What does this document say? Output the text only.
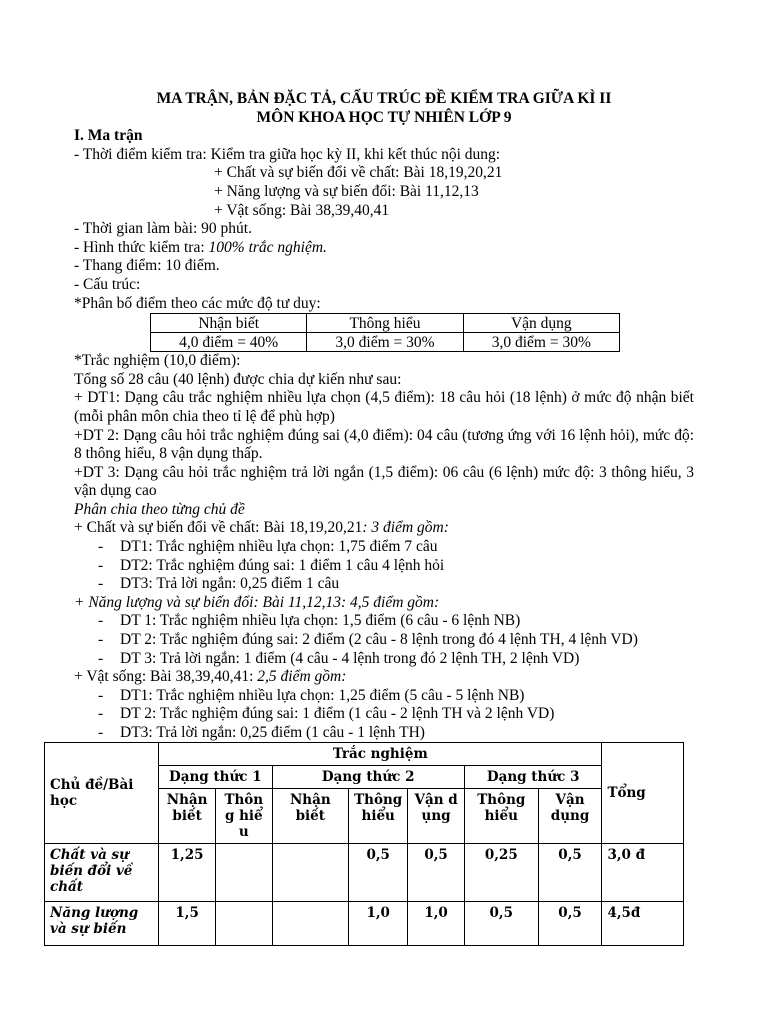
MA TRẬN, BẢN ĐẶC TẢ, CẤU TRÚC ĐỀ KIỂM TRA GIỮA KÌ II
MÔN KHOA HỌC TỰ NHIÊN LỚP 9
I. Ma trận
- Thời điểm kiểm tra: Kiểm tra giữa học kỳ II, khi kết thúc nội dung:
+ Chất và sự biến đổi về chất: Bài 18,19,20,21
+ Năng lượng và sự biến đổi: Bài 11,12,13
+ Vật sống: Bài 38,39,40,41
- Thời gian làm bài: 90 phút.
- Hình thức kiểm tra: 100% trắc nghiệm.
- Thang điểm: 10 điểm.
- Cấu trúc:
*Phân bố điểm theo các mức độ tư duy:
Nhận biết	Thông hiểu	Vận dụng
4,0 điểm = 40%	3,0 điểm = 30%	3,0 điểm = 30%
*Trắc nghiệm (10,0 điểm):
Tổng số 28 câu (40 lệnh) được chia dự kiến như sau:
+ DT1: Dạng câu trắc nghiệm nhiều lựa chọn (4,5 điểm): 18 câu hỏi (18 lệnh) ở mức độ nhận biết (mỗi phân môn chia theo tỉ lệ để phù hợp)
+DT 2: Dạng câu hỏi trắc nghiệm đúng sai (4,0 điểm): 04 câu (tương ứng với 16 lệnh hỏi), mức độ: 8 thông hiểu, 8 vận dụng thấp.
+DT 3: Dạng câu hỏi trắc nghiệm trả lời ngắn (1,5 điểm): 06 câu (6 lệnh) mức độ: 3 thông hiểu, 3 vận dụng cao
Phân chia theo từng chủ đề
+ Chất và sự biến đổi về chất: Bài 18,19,20,21: 3 điểm gồm:
- DT1: Trắc nghiệm nhiều lựa chọn: 1,75 điểm 7 câu
- DT2: Trắc nghiệm đúng sai: 1 điểm 1 câu 4 lệnh hỏi
- DT3: Trả lời ngắn: 0,25 điểm 1 câu
+ Năng lượng và sự biến đổi: Bài 11,12,13: 4,5 điểm gồm:
- DT 1: Trắc nghiệm nhiều lựa chọn: 1,5 điểm (6 câu - 6 lệnh NB)
- DT 2: Trắc nghiệm đúng sai: 2 điểm (2 câu - 8 lệnh trong đó 4 lệnh TH, 4 lệnh VD)
- DT 3: Trả lời ngắn: 1 điểm (4 câu - 4 lệnh trong đó 2 lệnh TH, 2 lệnh VD)
+ Vật sống: Bài 38,39,40,41: 2,5 điểm gồm:
- DT1: Trắc nghiệm nhiều lựa chọn: 1,25 điểm (5 câu - 5 lệnh NB)
- DT 2: Trắc nghiệm đúng sai: 1 điểm (1 câu - 2 lệnh TH và 2 lệnh VD)
- DT3: Trả lời ngắn: 0,25 điểm (1 câu - 1 lệnh TH)
Chủ đề/Bài học	Trắc nghiệm							Tổng
	Dạng thức 1		Dạng thức 2			Dạng thức 3		
	Nhận biết	Thông hiểu	Nhận biết	Thông hiểu	Vận dụng	Thông hiểu	Vận dụng	
Chất và sự biến đổi về chất	1,25			0,5	0,5	0,25	0,5	3,0 đ
Năng lượng và sự biến	1,5			1,0	1,0	0,5	0,5	4,5đ
